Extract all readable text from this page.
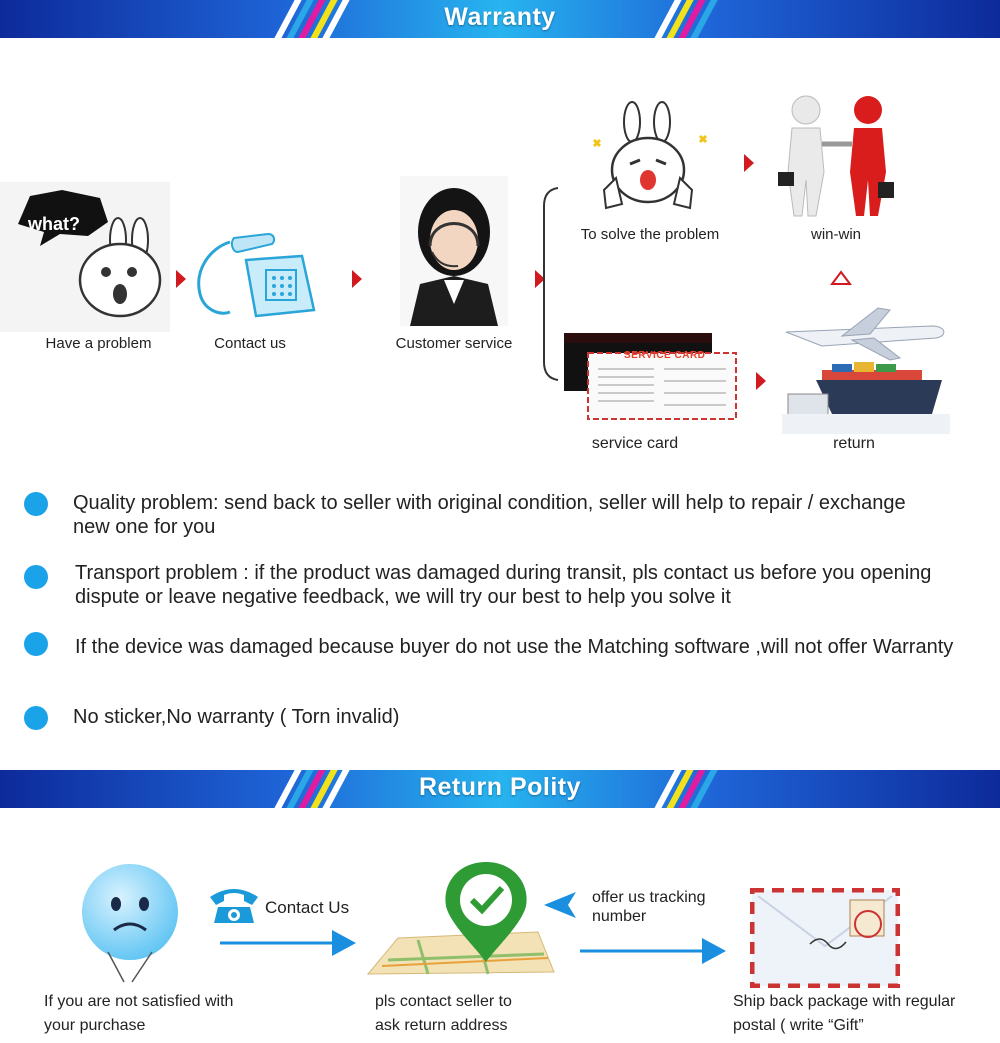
Warranty
what?
Have a problem	Contact us	Customer service
To solve the problem	win-win
SERVICE CARD
service card	return
Quality problem: send back to seller with original condition, seller will help to repair / exchange new one for you
Transport problem : if the product was damaged during transit, pls contact us before you opening dispute or leave negative feedback, we will try our best to help you solve it
If the device was damaged because buyer do not use the Matching software ,will not offer Warranty
No sticker,No warranty ( Torn invalid)
Return Polity
Contact Us
offer us tracking number
If you are not satisfied with your purchase
pls contact seller to ask return address
Ship back package with regular postal ( write “Gift”
